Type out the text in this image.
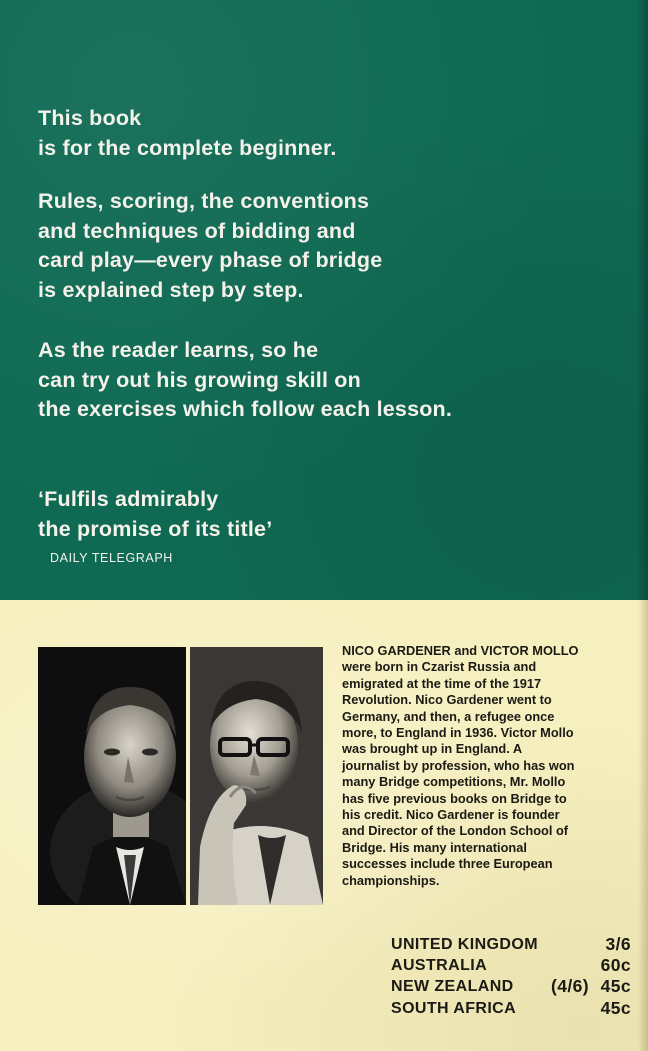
This book
is for the complete beginner.

Rules, scoring, the conventions
and techniques of bidding and
card play—every phase of bridge
is explained step by step.

As the reader learns, so he
can try out his growing skill on
the exercises which follow each lesson.

‘Fulfils admirably
the promise of its title’
DAILY TELEGRAPH

NICO GARDENER and VICTOR MOLLO
were born in Czarist Russia and
emigrated at the time of the 1917
Revolution. Nico Gardener went to
Germany, and then, a refugee once
more, to England in 1936. Victor Mollo
was brought up in England. A
journalist by profession, who has won
many Bridge competitions, Mr. Mollo
has five previous books on Bridge to
his credit. Nico Gardener is founder
and Director of the London School of
Bridge. His many international
successes include three European
championships.

UNITED KINGDOM	3/6
AUSTRALIA	60c
NEW ZEALAND (4/6) 45c
SOUTH AFRICA	45c
